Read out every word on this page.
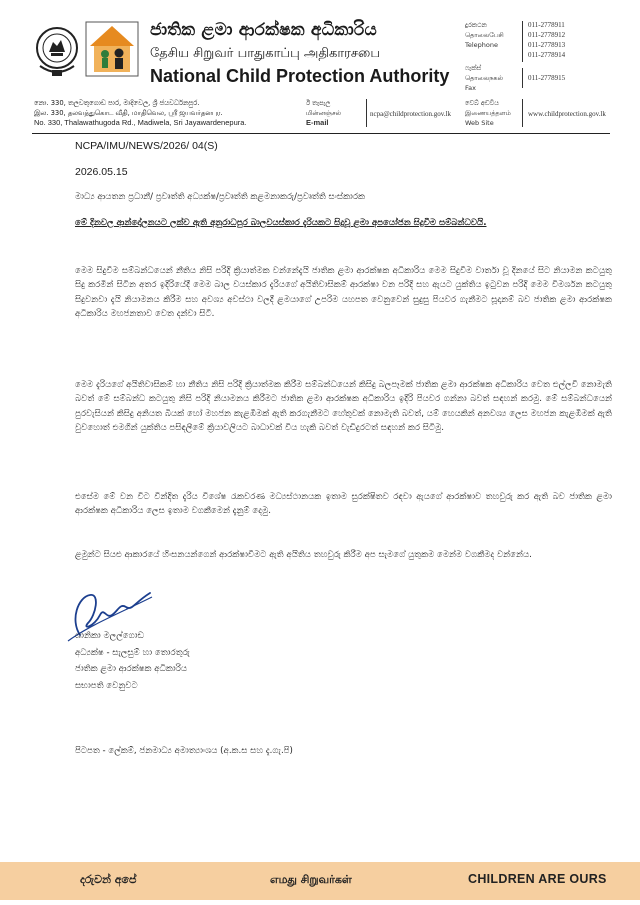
ජාතික ළමා ආරක්ෂක අධිකාරිය
தேசிய சிறுவர் பாதுகாப்பு அதிகாரசபை
National Child Protection Authority
දුරකථන
தொலைபேசி
Telephone
011-2778911
011-2778912
011-2778913
011-2778914
ෆැක්ස්
தொலைநகல்
Fax
011-2778915
නො. 330, තලවතුගොඩ පාර, මාදිවෙල, ශ්‍රී ජයවර්ධනපුර.
இல. 330, தலவத்துகொட வீதி, மாதிவெல, ஸ்ரீ ஜயவர்தனபுர.
No. 330, Thalawathugoda Rd., Madiwela, Sri Jayawardenepura.
ඊ තැපැල
மின்னஞ்சல்
E-mail
ncpa@childprotection.gov.lk
වෙබ් අඩවිය
இணையத்தளம்
Web Site
www.childprotection.gov.lk
NCPA/IMU/NEWS/2026/ 04(S)
2026.05.15
මාධ්‍ය ආයතන ප්‍රධානී/ ප්‍රවෘත්ති අධ්‍යක්ෂ/ප්‍රවෘත්ති කළමනාකරු/ප්‍රවෘත්ති සංස්කාරක
මේ දිනවල ආන්දෝලනයට ලක්ව ඇති අනුරාධපුර බාලවයස්කාර දැරියකට සිදුවූ ළමා අපයෝජන සිදුවීම සම්බන්ධවයි.
මෙම සිදුවීම සම්බන්ධයෙන් නීතිය නිසි පරිදි ක්‍රියාත්මක වන්නේදැයි ජාතික ළමා ආරක්ෂක අධිකාරිය මෙම සිදුවීම වාර්තා වූ දිනයේ සිට නියාමන කටයුතු සිදු කරමින් සිටින අතර ඉදිරියේදී මෙම බාල වයස්කාර දැරියගේ අයිතිවාසිකම් ආරක්ෂා වන පරිදි සහ ඇයට යුක්තිය ඉටුවන පරිදි මෙම විමර්ශන කටයුතු සිදුවනවා දැයි නියාමනය කිරීම සහ අවශ්‍ය අවස්ථා වලදී ළමයාගේ උපරිම යහපත වෙනුවෙන් සුදුසු පියවර ගැනීමට සූදානම් බව ජාතික ළමා ආරක්ෂක අධිකාරිය මහජනතාව වෙත දන්වා සිටී.
මෙම දැරියගේ අයිතිවාසිකම් හා නීතිය නිසි පරිදි ක්‍රියාත්මක කිරීම සම්බන්ධයෙන් කිසිදු බලපෑමක් ජාතික ළමා ආරක්ෂක අධිකාරිය වෙත එල්ලවී නොමැති බවත් මේ සම්බන්ධ කටයුතු නිසි පරිදි නියාමනය කිරීමට ජාතික ළමා ආරක්ෂක අධිකාරිය ඉදිරි පියවර ගන්නා බවත් සඳහන් කරමු. මේ සම්බන්ධයෙන් පුරවැසියන් කිසිදු අනියත බියක් හෝ මහජන කැළඹීමක් ඇති කරගැනීමට හේතුවක් නොමැති බවත්, යම් හෙයකින් අනවශ්‍ය ලෙස මහජන කැළඹීමක් ඇති වුවහොත් එමගින් යුක්තිය පසිඳලීමේ ක්‍රියාවලියට බාධාවක් විය හැකි බවත් වැඩිදුරටත් සඳහන් කර සිටිමු.
එසේම මේ වන විට වින්දිත දැරිය විශේෂ රැකවරණ මධ්‍යස්ථානයක ඉතාම සුරක්ෂිතව රඳවා ඇයගේ ආරක්ෂාව තහවුරු කර ඇති බව ජාතික ළමා ආරක්ෂක අධිකාරිය ලෙස ඉතාම වගකීමෙන් දැනුම් දෙමු.
ළමුන්ට සියළු ආකාරයේ හිංසනයන්ගෙන් ආරක්ෂාවීමට ඇති අයිතිය තහවුරු කිරීම අප සැමගේ යුතුකම මෙන්ම වගකීමද වන්නේය.
ශානිකා මලල්ගොඩ
අධ්‍යක්ෂ - සැලසුම් හා තොරතුරු
ජාතික ළමා ආරක්ෂක අධිකාරිය
සභාපති වෙනුවට
පිටපත - ලේකම්, ජනමාධ්‍ය අමාත්‍යාංශය (අ.ක.ස සහ දැ.ගැ.පි)
දරුවන් අපේ	எமது சிறுவர்கள்	CHILDREN ARE OURS
